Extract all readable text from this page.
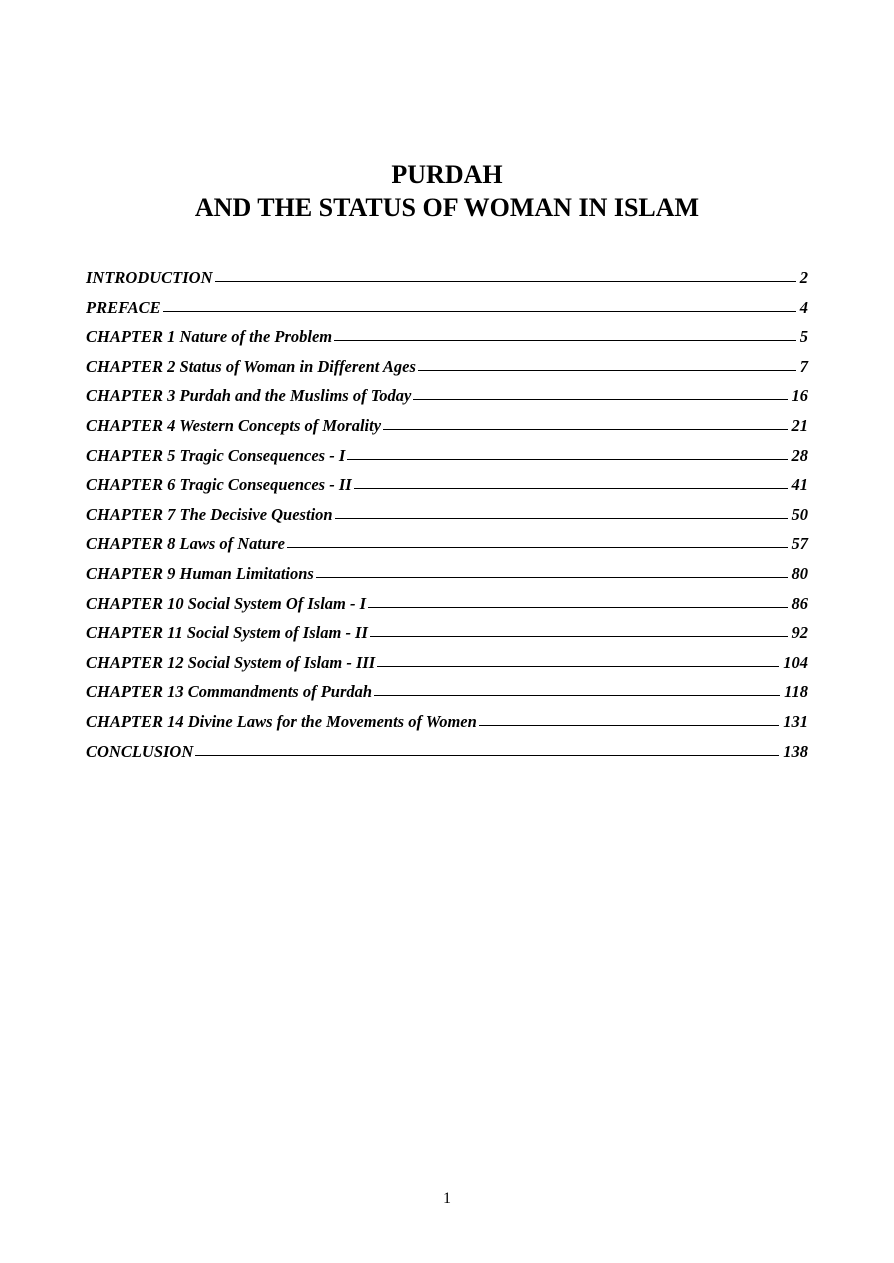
PURDAH

AND THE STATUS OF WOMAN IN ISLAM

INTRODUCTION	2
PREFACE	4
CHAPTER 1 Nature of the Problem	5
CHAPTER 2 Status of Woman in Different Ages	7
CHAPTER 3 Purdah and the Muslims of Today	16
CHAPTER 4 Western Concepts of Morality	21
CHAPTER 5 Tragic Consequences - I	28
CHAPTER 6 Tragic Consequences - II	41
CHAPTER 7 The Decisive Question	50
CHAPTER 8 Laws of Nature	57
CHAPTER 9 Human Limitations	80
CHAPTER 10 Social System Of Islam - I	86
CHAPTER 11 Social System of Islam - II	92
CHAPTER 12 Social System of Islam - III	104
CHAPTER 13 Commandments of Purdah	118
CHAPTER 14 Divine Laws for the Movements of Women	131
CONCLUSION	138
1
